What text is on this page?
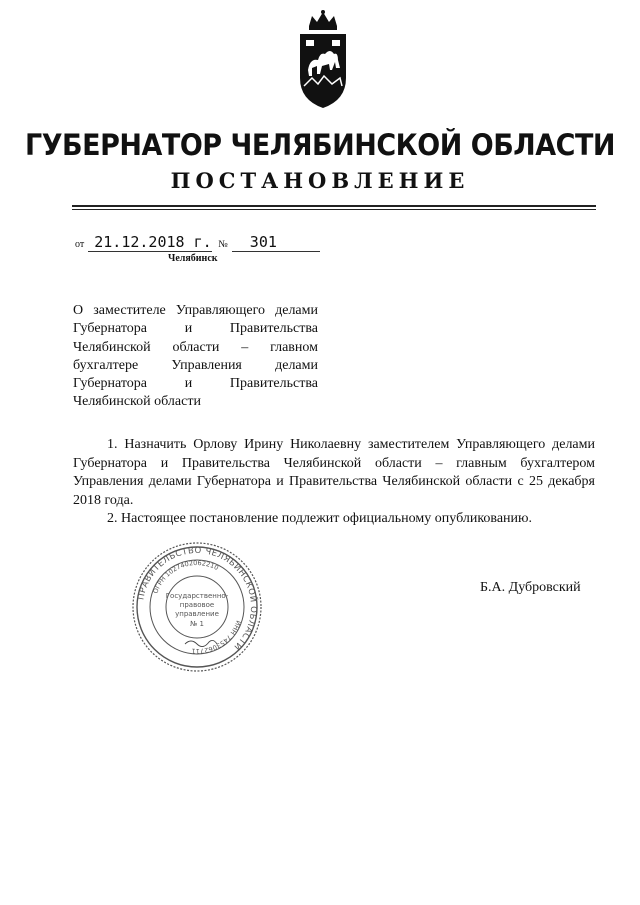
ГУБЕРНАТОР ЧЕЛЯБИНСКОЙ ОБЛАСТИ
ПОСТАНОВЛЕНИЕ
от 21.12.2018 г. № 301
Челябинск
О заместителе Управляющего делами Губернатора и Правительства Челябинской области – главном бухгалтере Управления делами Губернатора и Правительства Челябинской области

1. Назначить Орлову Ирину Николаевну заместителем Управляющего делами Губернатора и Правительства Челябинской области – главным бухгалтером Управления делами Губернатора и Правительства Челябинской области с 25 декабря 2018 года.

2. Настоящее постановление подлежит официальному опубликованию.

ПРАВИТЕЛЬСТВО ЧЕЛЯБИНСКОЙ ОБЛАСТИ
ОГРН 1027402062210
ИНН 7453062711
Государственно-
правовое
управление
№ 1
Б.А. Дубровский
